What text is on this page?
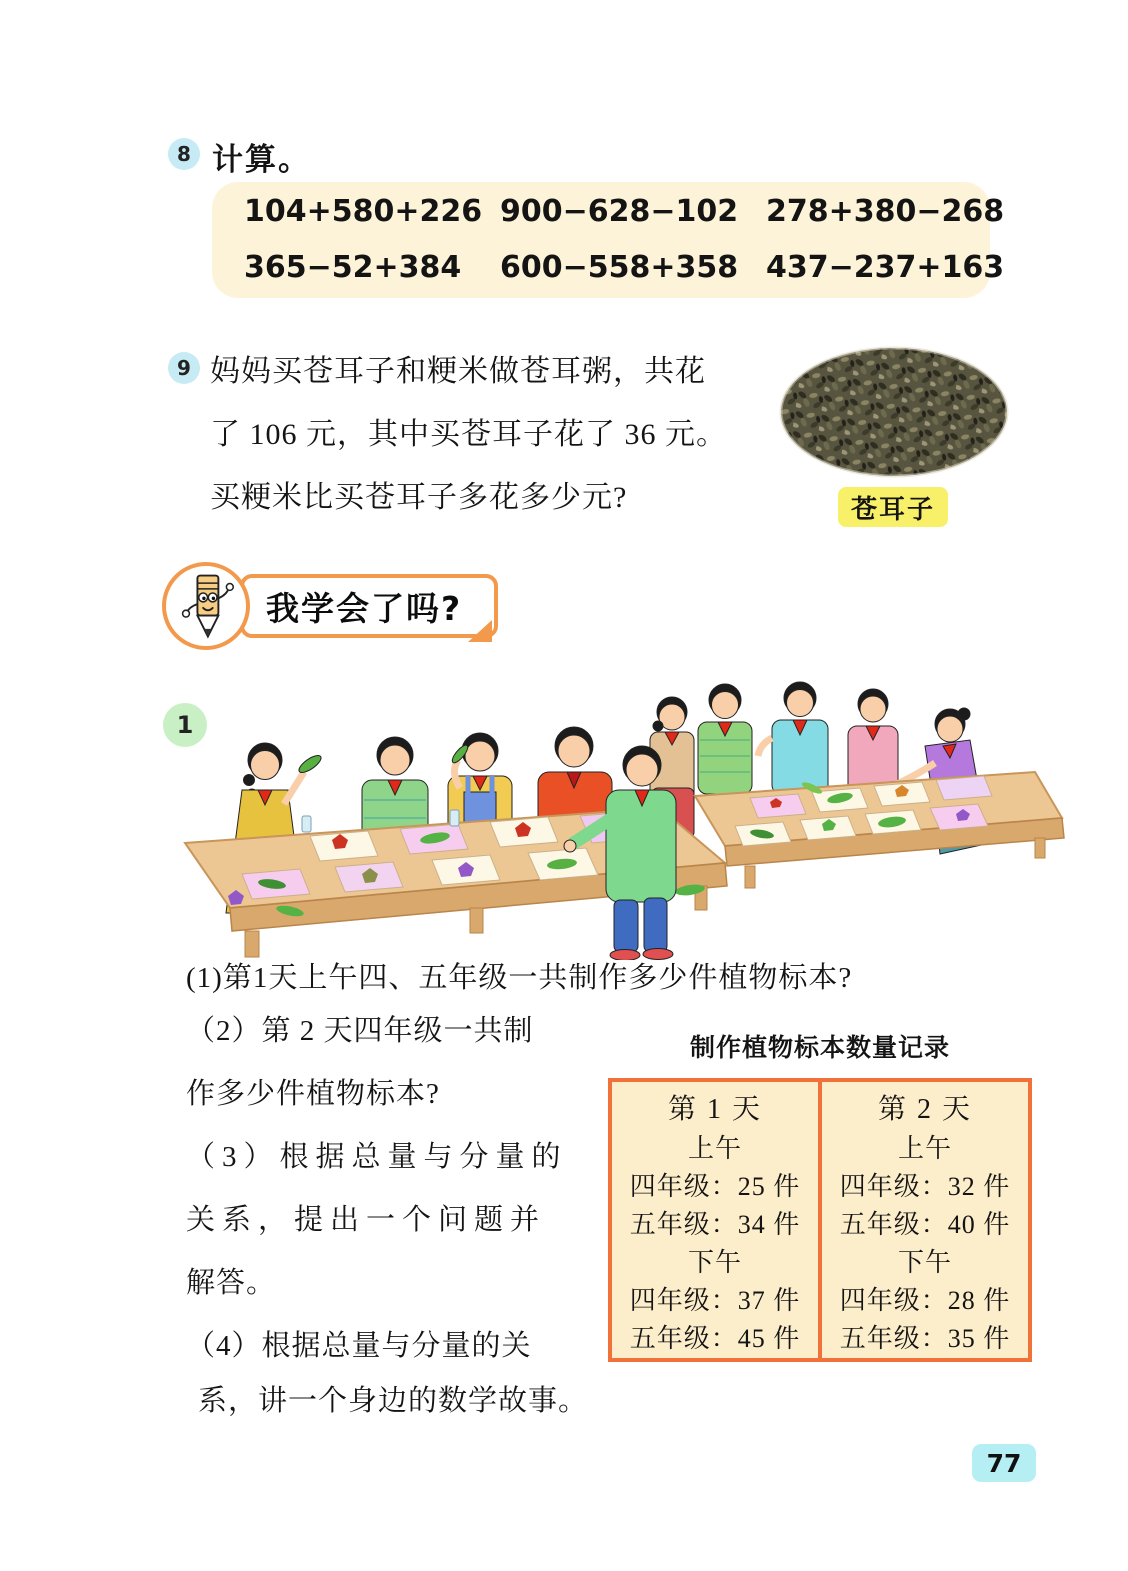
8 计算。
104+580+226 900−628−102 278+380−268
365−52+384	600−558+358 437−237+163
9 妈妈买苍耳子和粳米做苍耳粥，共花
了 106 元，其中买苍耳子花了 36 元。
买粳米比买苍耳子多花多少元?	苍耳子
我学会了吗?
1
(1)第1天上午四、五年级一共制作多少件植物标本?
（2）第 2 天四年级一共制
作多少件植物标本?
（3）根据总量与分量的
关系，提出一个问题并
解答。
（4）根据总量与分量的关
系，讲一个身边的数学故事。
制作植物标本数量记录
第 1 天
上午
四年级：25 件
五年级：34 件
下午
四年级：37 件
五年级：45 件
第 2 天
上午
四年级：32 件
五年级：40 件
下午
四年级：28 件
五年级：35 件
77
